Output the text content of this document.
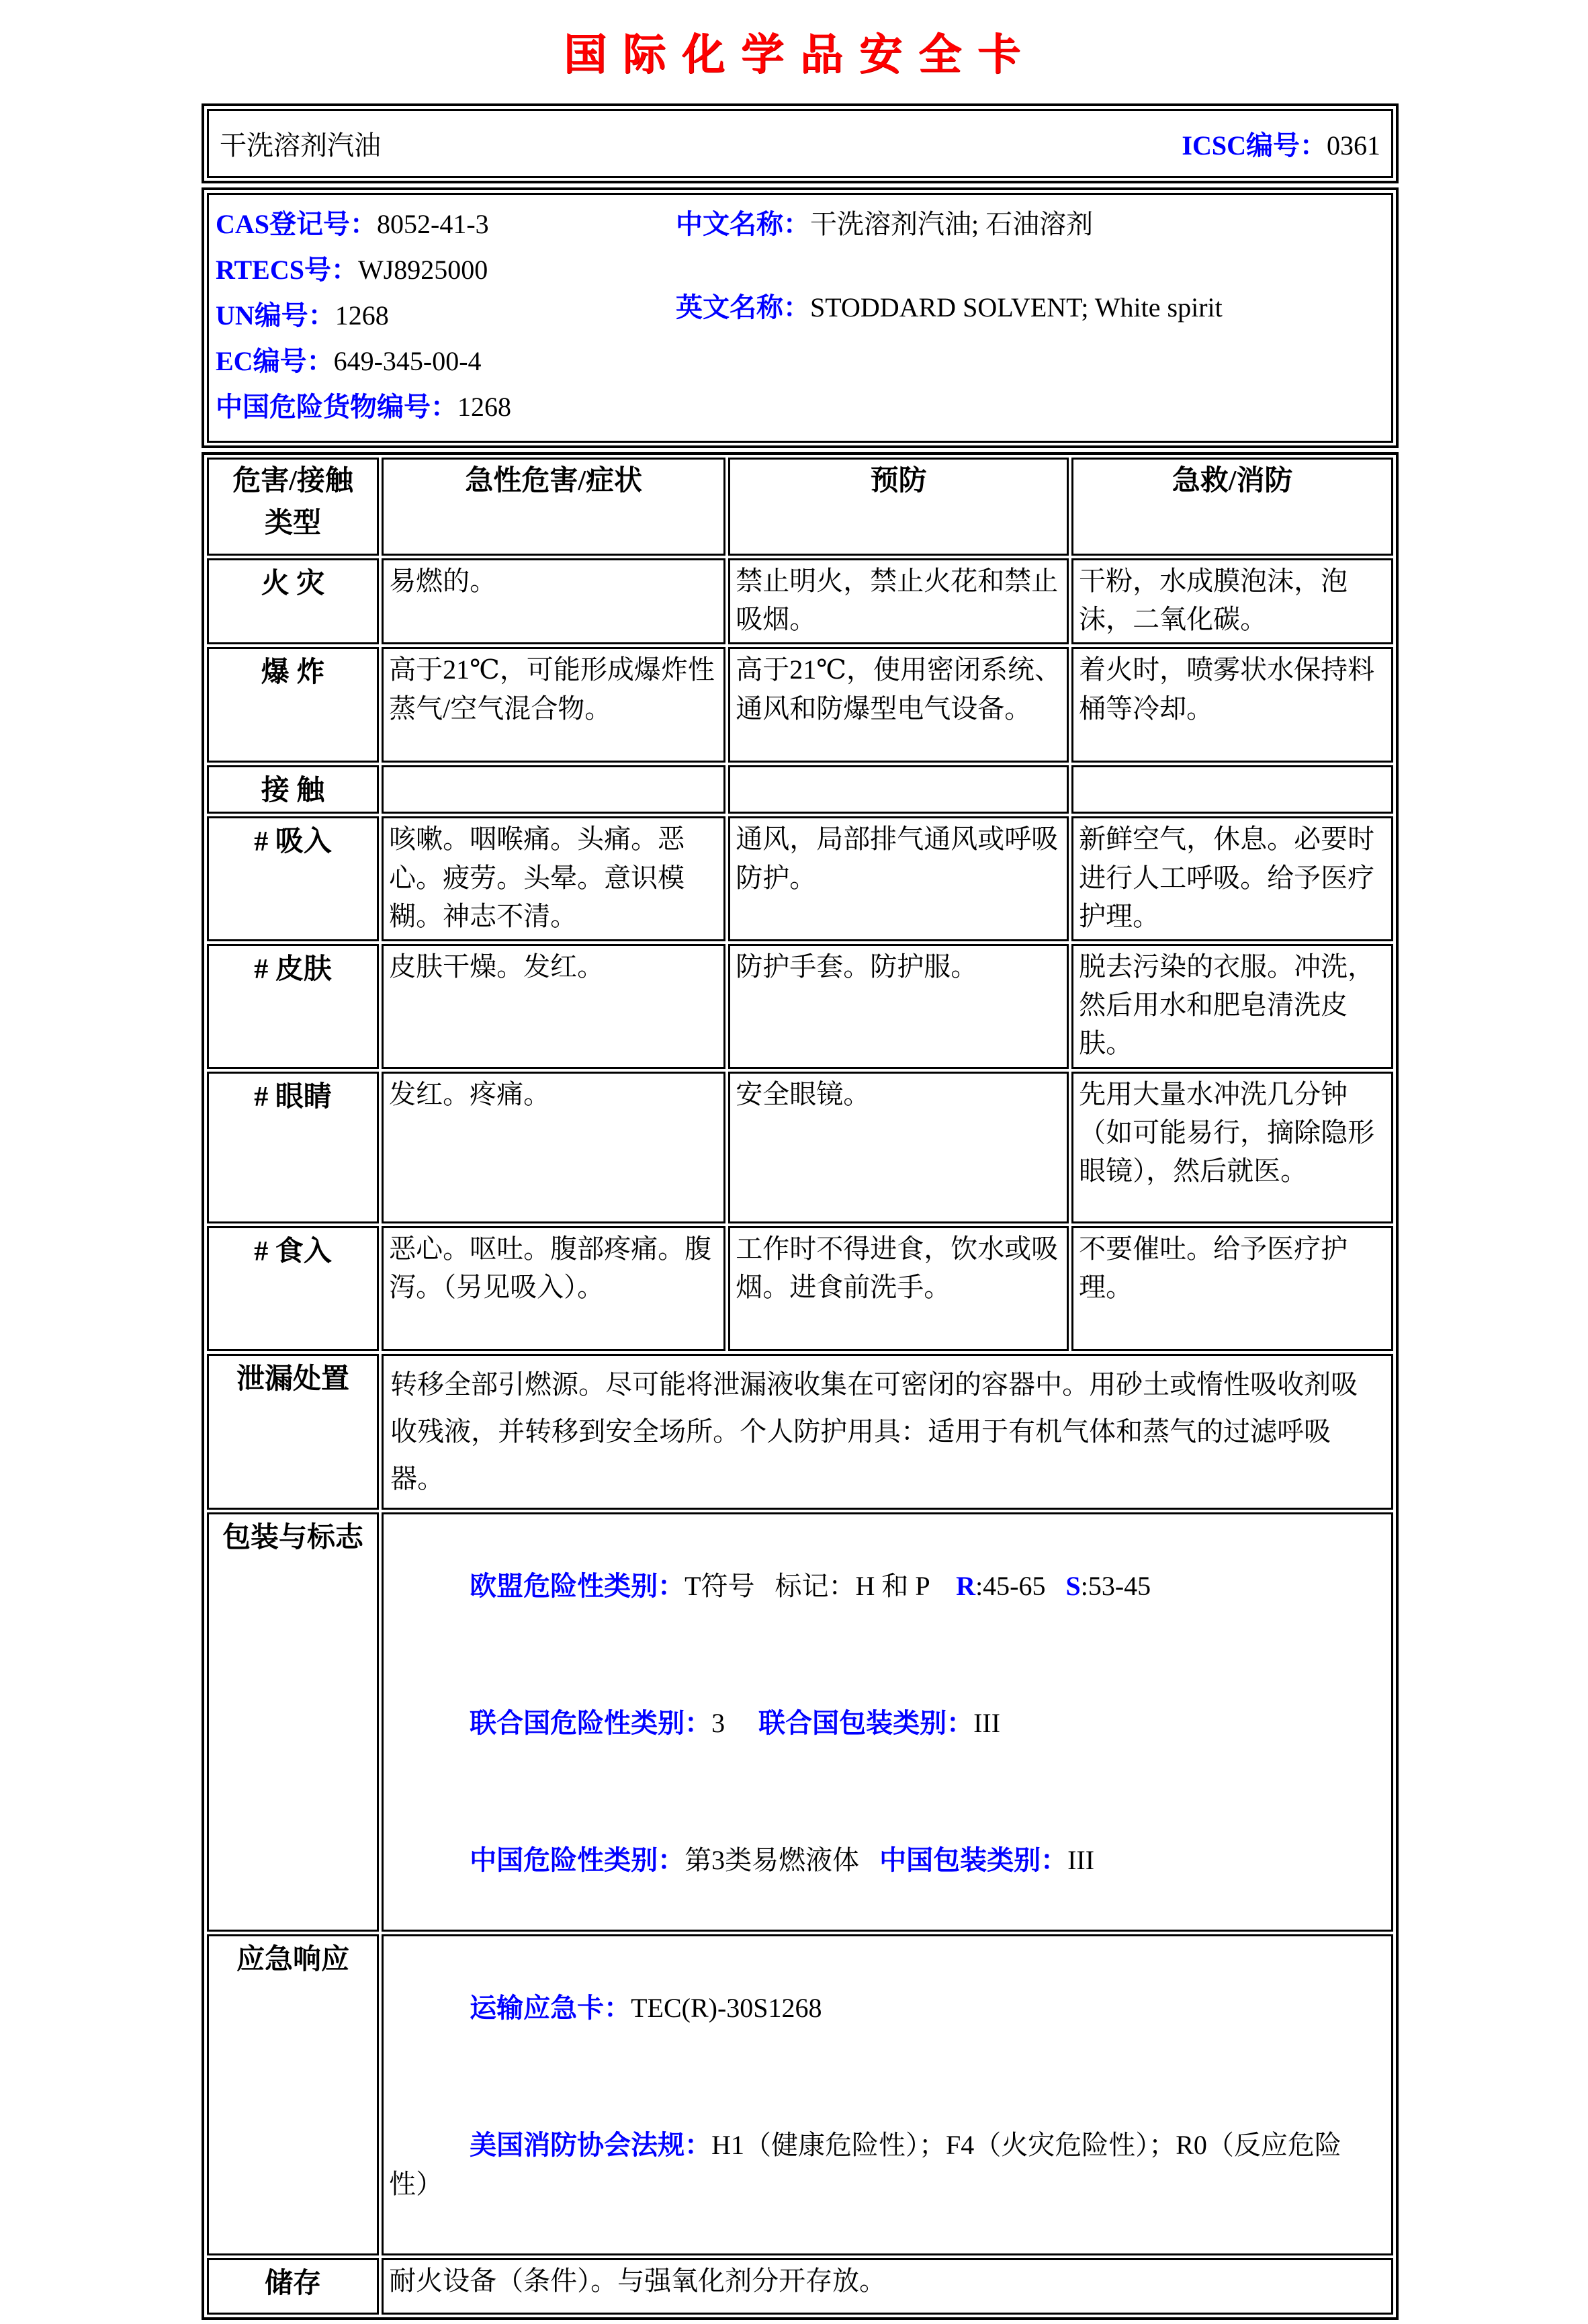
国际化学品安全卡
干洗溶剂汽油	ICSC编号：0361
CAS登记号：8052-41-3
RTECS号：WJ8925000
UN编号：1268
EC编号：649-345-00-4
中国危险货物编号：1268
中文名称：干洗溶剂汽油; 石油溶剂
英文名称：STODDARD SOLVENT; White spirit
危害/接触
类型	急性危害/症状	预防	急救/消防
火 灾	易燃的。	禁止明火，禁止火花和禁止吸烟。	干粉，水成膜泡沫，泡沫，二氧化碳。
爆 炸	高于21℃，可能形成爆炸性蒸气/空气混合物。	高于21℃，使用密闭系统、通风和防爆型电气设备。	着火时，喷雾状水保持料桶等冷却。
接 触			
# 吸入	咳嗽。咽喉痛。头痛。恶心。疲劳。头晕。意识模糊。神志不清。	通风，局部排气通风或呼吸防护。	新鲜空气，休息。必要时进行人工呼吸。给予医疗护理。
# 皮肤	皮肤干燥。发红。	防护手套。防护服。	脱去污染的衣服。冲洗，然后用水和肥皂清洗皮肤。
# 眼睛	发红。疼痛。	安全眼镜。	先用大量水冲洗几分钟（如可能易行，摘除隐形眼镜），然后就医。
# 食入	恶心。呕吐。腹部疼痛。腹泻。（另见吸入）。	工作时不得进食，饮水或吸烟。进食前洗手。	不要催吐。给予医疗护理。
泄漏处置	转移全部引燃源。尽可能将泄漏液收集在可密闭的容器中。用砂土或惰性吸收剂吸收残液，并转移到安全场所。个人防护用具：适用于有机气体和蒸气的过滤呼吸器。		
包装与标志	欧盟危险性类别：T符号   标记：H 和 P    R:45-65   S:53-45

联合国危险性类别：3     联合国包装类别：III

中国危险性类别：第3类易燃液体   中国包装类别：III		

应急响应	运输应急卡：TEC(R)-30S1268

美国消防协会法规：H1（健康危险性）；F4（火灾危险性）；R0（反应危险性）		

储存	耐火设备（条件）。与强氧化剂分开存放。		
